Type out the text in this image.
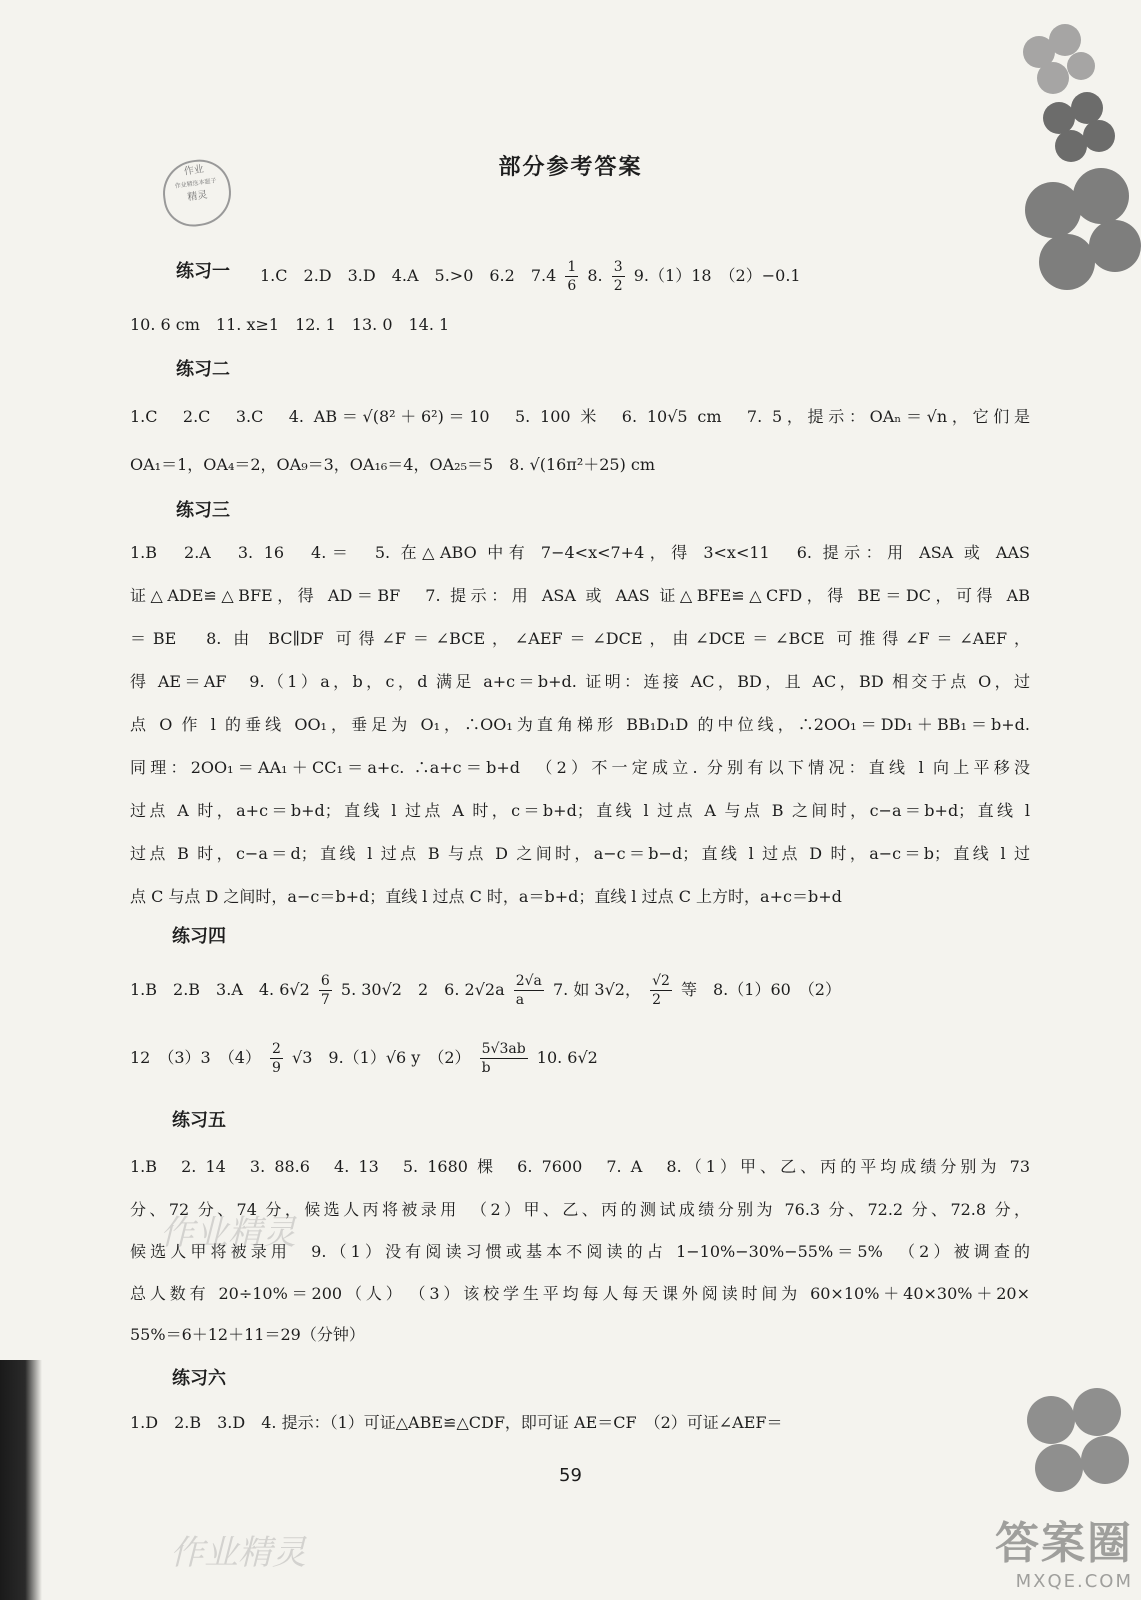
作业
作业精选本题子
精灵
部分参考答案
练习一 1.C　2.D　3.D　4.A　5.>0　6.2　$7.4 \frac{1}{6} 8$. $\frac{3}{2} 9.(1)18$　（2）−0.1
10. 6 cm　11. x≥1　12. 1　13. 0　14. 1
练习二
1.C　2.C　3.C　4. AB＝√(8²＋6²)＝10　5. 100 米　6. 10√5 cm　7. 5，提示：OAₙ＝√n，它们是
OA₁＝1，OA₄＝2，OA₉＝3，OA₁₆＝4，OA₂₅＝5　8. √(16π²＋25) cm
练习三
1.B　2.A　3. 16　4.＝　5. 在△ABO 中有 7−4<x<7+4，得 3<x<11　6. 提示：用 ASA 或 AAS
证△ADE≌△BFE，得 AD＝BF　7. 提示：用 ASA 或 AAS 证△BFE≌△CFD，得 BE＝DC，可得 AB
＝BE　8. 由 BC∥DF 可得∠F＝∠BCE，∠AEF＝∠DCE，由∠DCE＝∠BCE 可推得∠F＝∠AEF，
得 AE＝AF　9.（1）a，b，c，d 满足 a+c＝b+d. 证明：连接 AC，BD，且 AC，BD 相交于点 O，过
点 O 作 l 的垂线 OO₁，垂足为 O₁，∴OO₁为直角梯形 BB₁D₁D 的中位线，∴2OO₁＝DD₁＋BB₁＝b+d.
同理：2OO₁＝AA₁＋CC₁＝a+c. ∴a+c＝b+d　（2）不一定成立. 分别有以下情况：直线 l 向上平移没
过点 A 时，a+c＝b+d；直线 l 过点 A 时，c＝b+d；直线 l 过点 A 与点 B 之间时，c−a＝b+d；直线 l
过点 B 时，c−a＝d；直线 l 过点 B 与点 D 之间时，a−c＝b−d；直线 l 过点 D 时，a−c＝b；直线 l 过
点 C 与点 D 之间时，a−c＝b+d；直线 l 过点 C 时，a＝b+d；直线 l 过点 C 上方时，a+c＝b+d
练习四
1.B　2.B　3.A　4. $6√2 \frac{6}{7} 5$. 30√2　2　6. $2√2a \frac{2√a}{a} 7$. 如 3√2， $\frac{√2}{2}$ 等　8.（1）60　（2）
12　（3）3　$(4) \frac{2}{9} √3$　9.（1）√6 y　$(2) \frac{5√3ab}{b} 10$. 6√2
练习五
1.B　2. 14　3. 88.6　4. 13　5. 1680 棵　6. 7600　7. A　8.（1）甲、乙、丙的平均成绩分别为 73
分、72 分、74 分，候选人丙将被录用　（2）甲、乙、丙的测试成绩分别为 76.3 分、72.2 分、72.8 分，
候选人甲将被录用　9.（1）没有阅读习惯或基本不阅读的占 1−10%−30%−55%＝5%　（2）被调查的
总人数有 20÷10%＝200（人）　（3）该校学生平均每人每天课外阅读时间为 60×10%＋40×30%＋20×
55%＝6＋12＋11＝29（分钟）
练习六
1.D　2.B　3.D　4. 提示：（1）可证△ABE≌△CDF，即可证 AE＝CF　（2）可证∠AEF＝
59
作业精灵
作业精灵	答案圈
MXQE.COM
